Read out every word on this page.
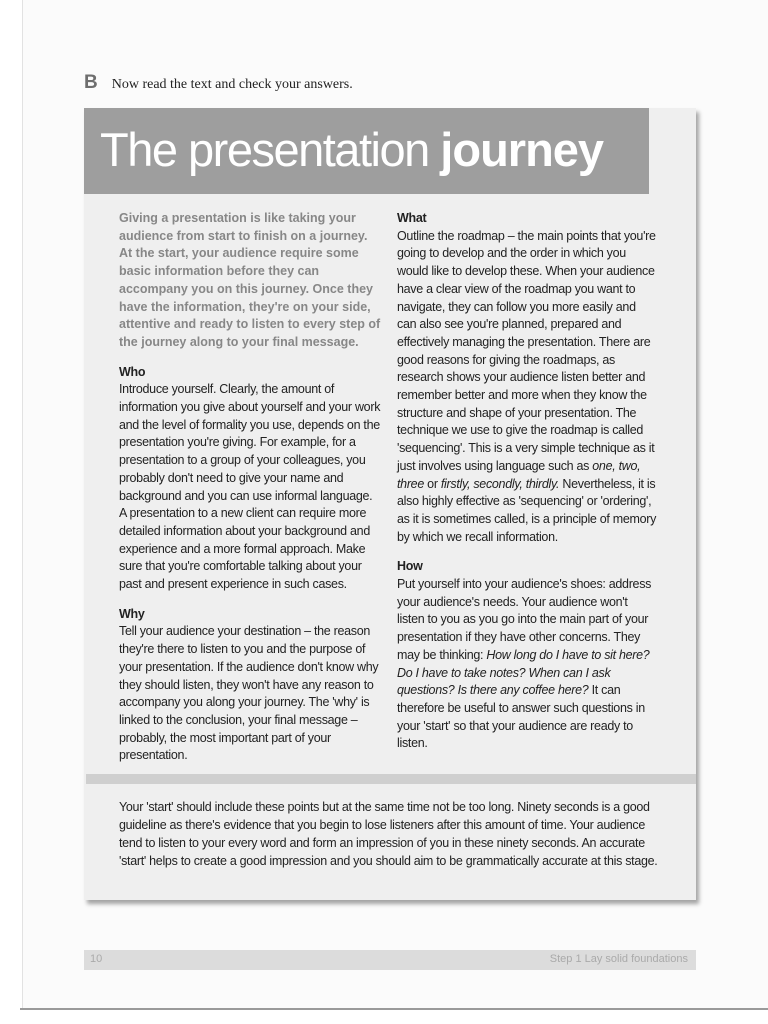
B Now read the text and check your answers.
The presentation journey

Giving a presentation is like taking your audience from start to finish on a journey. At the start, your audience require some basic information before they can accompany you on this journey. Once they have the information, they're on your side, attentive and ready to listen to every step of the journey along to your final message.

Who

Introduce yourself. Clearly, the amount of information you give about yourself and your work and the level of formality you use, depends on the presentation you're giving. For example, for a presentation to a group of your colleagues, you probably don't need to give your name and background and you can use informal language. A presentation to a new client can require more detailed information about your background and experience and a more formal approach. Make sure that you're comfortable talking about your past and present experience in such cases.

Why

Tell your audience your destination – the reason they're there to listen to you and the purpose of your presentation. If the audience don't know why they should listen, they won't have any reason to accompany you along your journey. The 'why' is linked to the conclusion, your final message – probably, the most important part of your presentation.

What

Outline the roadmap – the main points that you're going to develop and the order in which you would like to develop these. When your audience have a clear view of the roadmap you want to navigate, they can follow you more easily and can also see you're planned, prepared and effectively managing the presentation. There are good reasons for giving the roadmaps, as research shows your audience listen better and remember better and more when they know the structure and shape of your presentation. The technique we use to give the roadmap is called 'sequencing'. This is a very simple technique as it just involves using language such as one, two, three or firstly, secondly, thirdly. Nevertheless, it is also highly effective as 'sequencing' or 'ordering', as it is sometimes called, is a principle of memory by which we recall information.

How

Put yourself into your audience's shoes: address your audience's needs. Your audience won't listen to you as you go into the main part of your presentation if they have other concerns. They may be thinking: How long do I have to sit here? Do I have to take notes? When can I ask questions? Is there any coffee here? It can therefore be useful to answer such questions in your 'start' so that your audience are ready to listen.

Your 'start' should include these points but at the same time not be too long. Ninety seconds is a good guideline as there's evidence that you begin to lose listeners after this amount of time. Your audience tend to listen to your every word and form an impression of you in these ninety seconds. An accurate 'start' helps to create a good impression and you should aim to be grammatically accurate at this stage.

10	Step 1 Lay solid foundations
